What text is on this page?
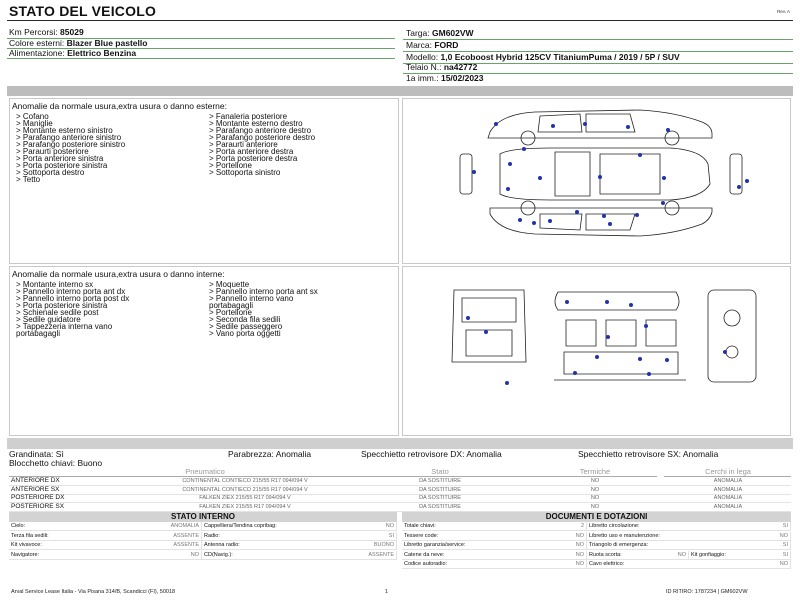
STATO DEL VEICOLO	Rev. A
Km Percorsi: 85029
Colore esterni: Blazer Blue pastello
Alimentazione: Elettrico Benzina
Targa: GM602VW
Marca: FORD
Modello: 1,0 Ecoboost Hybrid 125CV TitaniumPuma / 2019 / 5P / SUV
Telaio N.: na42772
1a imm.: 15/02/2023
Anomalie da normale usura,extra usura o danno esterne:
> Cofano
> Maniglie
> Montante esterno sinistro
> Parafango anteriore sinistro
> Parafango posteriore sinistro
> Paraurti posteriore
> Porta anteriore sinistra
> Porta posteriore sinistra
> Sottoporta destro
> Tetto
> Fanaleria posteriore
> Montante esterno destro
> Parafango anteriore destro
> Parafango posteriore destro
> Paraurti anteriore
> Porta anteriore destra
> Porta posteriore destra
> Portellone
> Sottoporta sinistro
Anomalie da normale usura,extra usura o danno interne:
> Montante interno sx
> Pannello interno porta ant dx
> Pannello interno porta post dx
> Porta posteriore sinistra
> Schienale sedile post
> Sedile guidatore
> Tappezzeria interna vano
portabagagli
> Moquette
> Pannello interno porta ant sx
> Pannello interno vano
portabagagli
> Portellone
> Seconda fila sedili
> Sedile passeggero
> Vano porta oggetti
Grandinata: Sì	Parabrezza: Anomalia	Specchietto retrovisore DX: Anomalia	Specchietto retrovisore SX: Anomalia
Blocchetto chiavi: Buono
Pneumatico	Stato	Termiche	Cerchi in lega
ANTERIORE DX	CONTINENTAL CONTIECO 215/55 R17 094/094 V	DA SOSTITUIRE	NO	ANOMALIA
ANTERIORE SX	CONTINENTAL CONTIECO 215/55 R17 094/094 V	DA SOSTITUIRE	NO	ANOMALIA
POSTERIORE DX	FALKEN ZIEX 215/55 R17 094/094 V	DA SOSTITUIRE	NO	ANOMALIA
POSTERIORE SX	FALKEN ZIEX 215/55 R17 094/094 V	DA SOSTITUIRE	NO	ANOMALIA
STATO INTERNO
Cielo:	ANOMALIA Cappelliera/Tendina copribag:	NO
Terza fila sedili:	ASSENTE Radio:	SI
Kit vivavoce:	ASSENTE Antenna radio:	BUONO
Navigatore:	NO CD(Navig.):	ASSENTE
DOCUMENTI E DOTAZIONI
Totale chiavi:	2 Libretto circolazione:	SI
Tessere code:	NO Libretto uso e manutenzione:	NO
Libretto garanzia/service:	NO Triangolo di emergenza:	SI
Catene da neve:	NO Ruota scorta:	NO Kit gonfiaggio:	SI
Codice autoradio:	NO Cavo elettrico:	NO
Arval Service Lease Italia - Via Pisana 314/B, Scandicci (FI), 50018	1	ID RITIRO: 1787234 | GM602VW
